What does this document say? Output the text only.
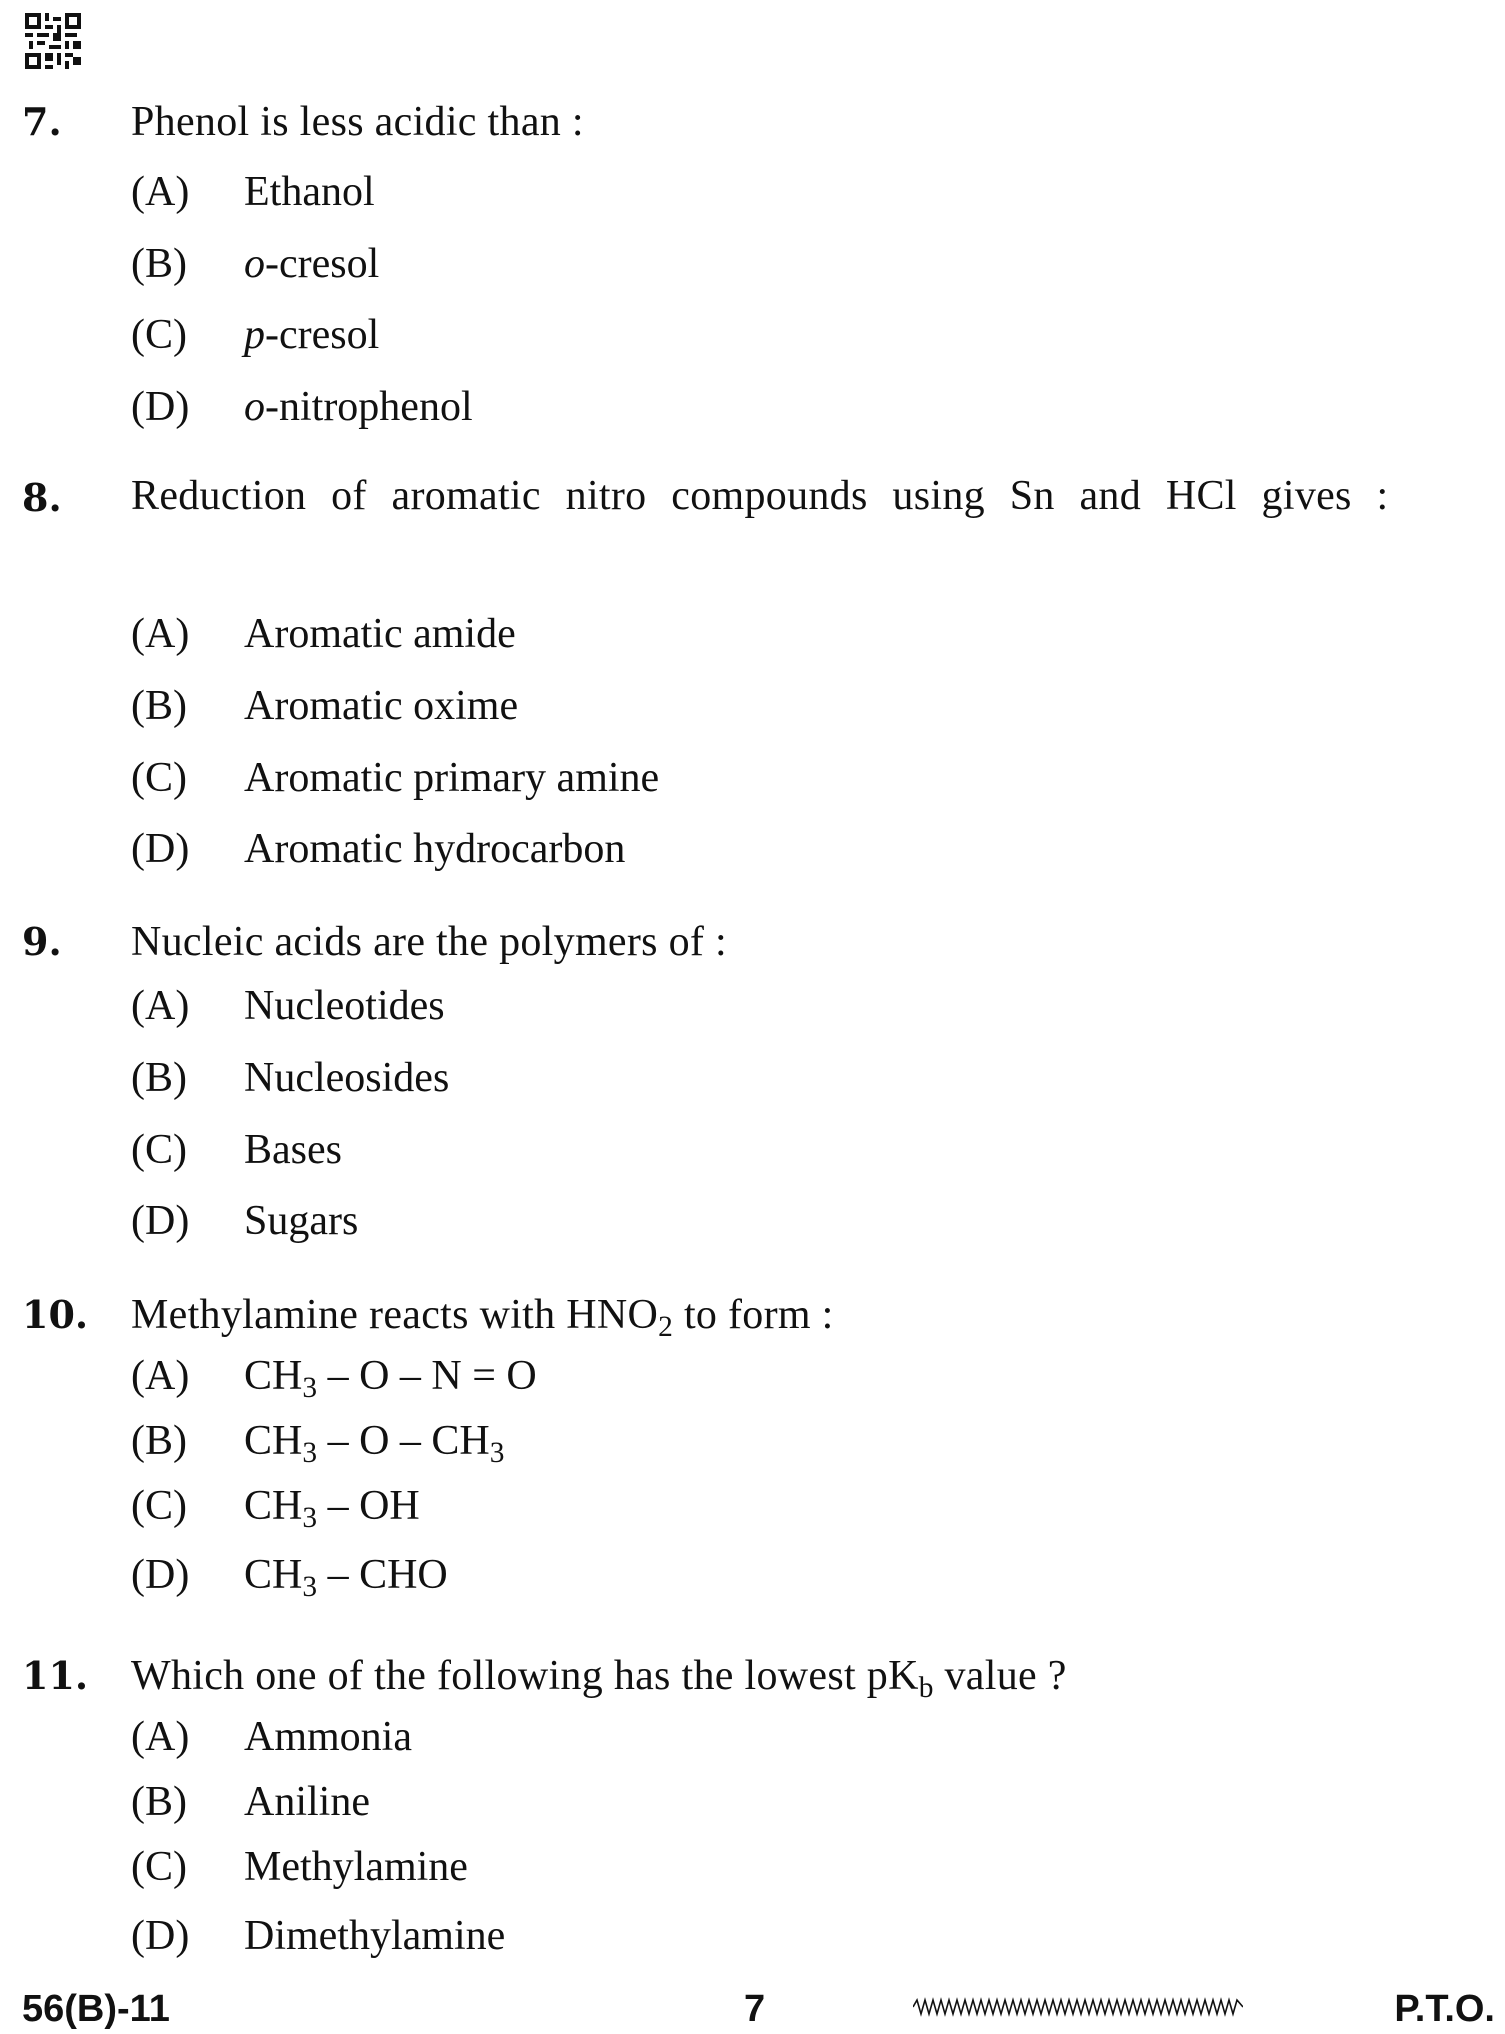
7. Phenol is less acidic than :
(A) Ethanol
(B) o-cresol
(C) p-cresol
(D) o-nitrophenol
8. Reduction of aromatic nitro compounds using Sn and HCl gives :
(A) Aromatic amide
(B) Aromatic oxime
(C) Aromatic primary amine
(D) Aromatic hydrocarbon
9. Nucleic acids are the polymers of :
(A) Nucleotides
(B) Nucleosides
(C) Bases
(D) Sugars
10. Methylamine reacts with $HNO_2$ to form :
(A) $CH_3 - O - N = O$
(B) $CH_3$ – O – $CH_3$
(C) $CH_3$ – OH
(D) $CH_3$ – CHO
11. Which one of the following has the lowest $pK_b$ value ?
(A) Ammonia
(B) Aniline
(C) Methylamine
(D) Dimethylamine
56(B)-11	7	P.T.O.
